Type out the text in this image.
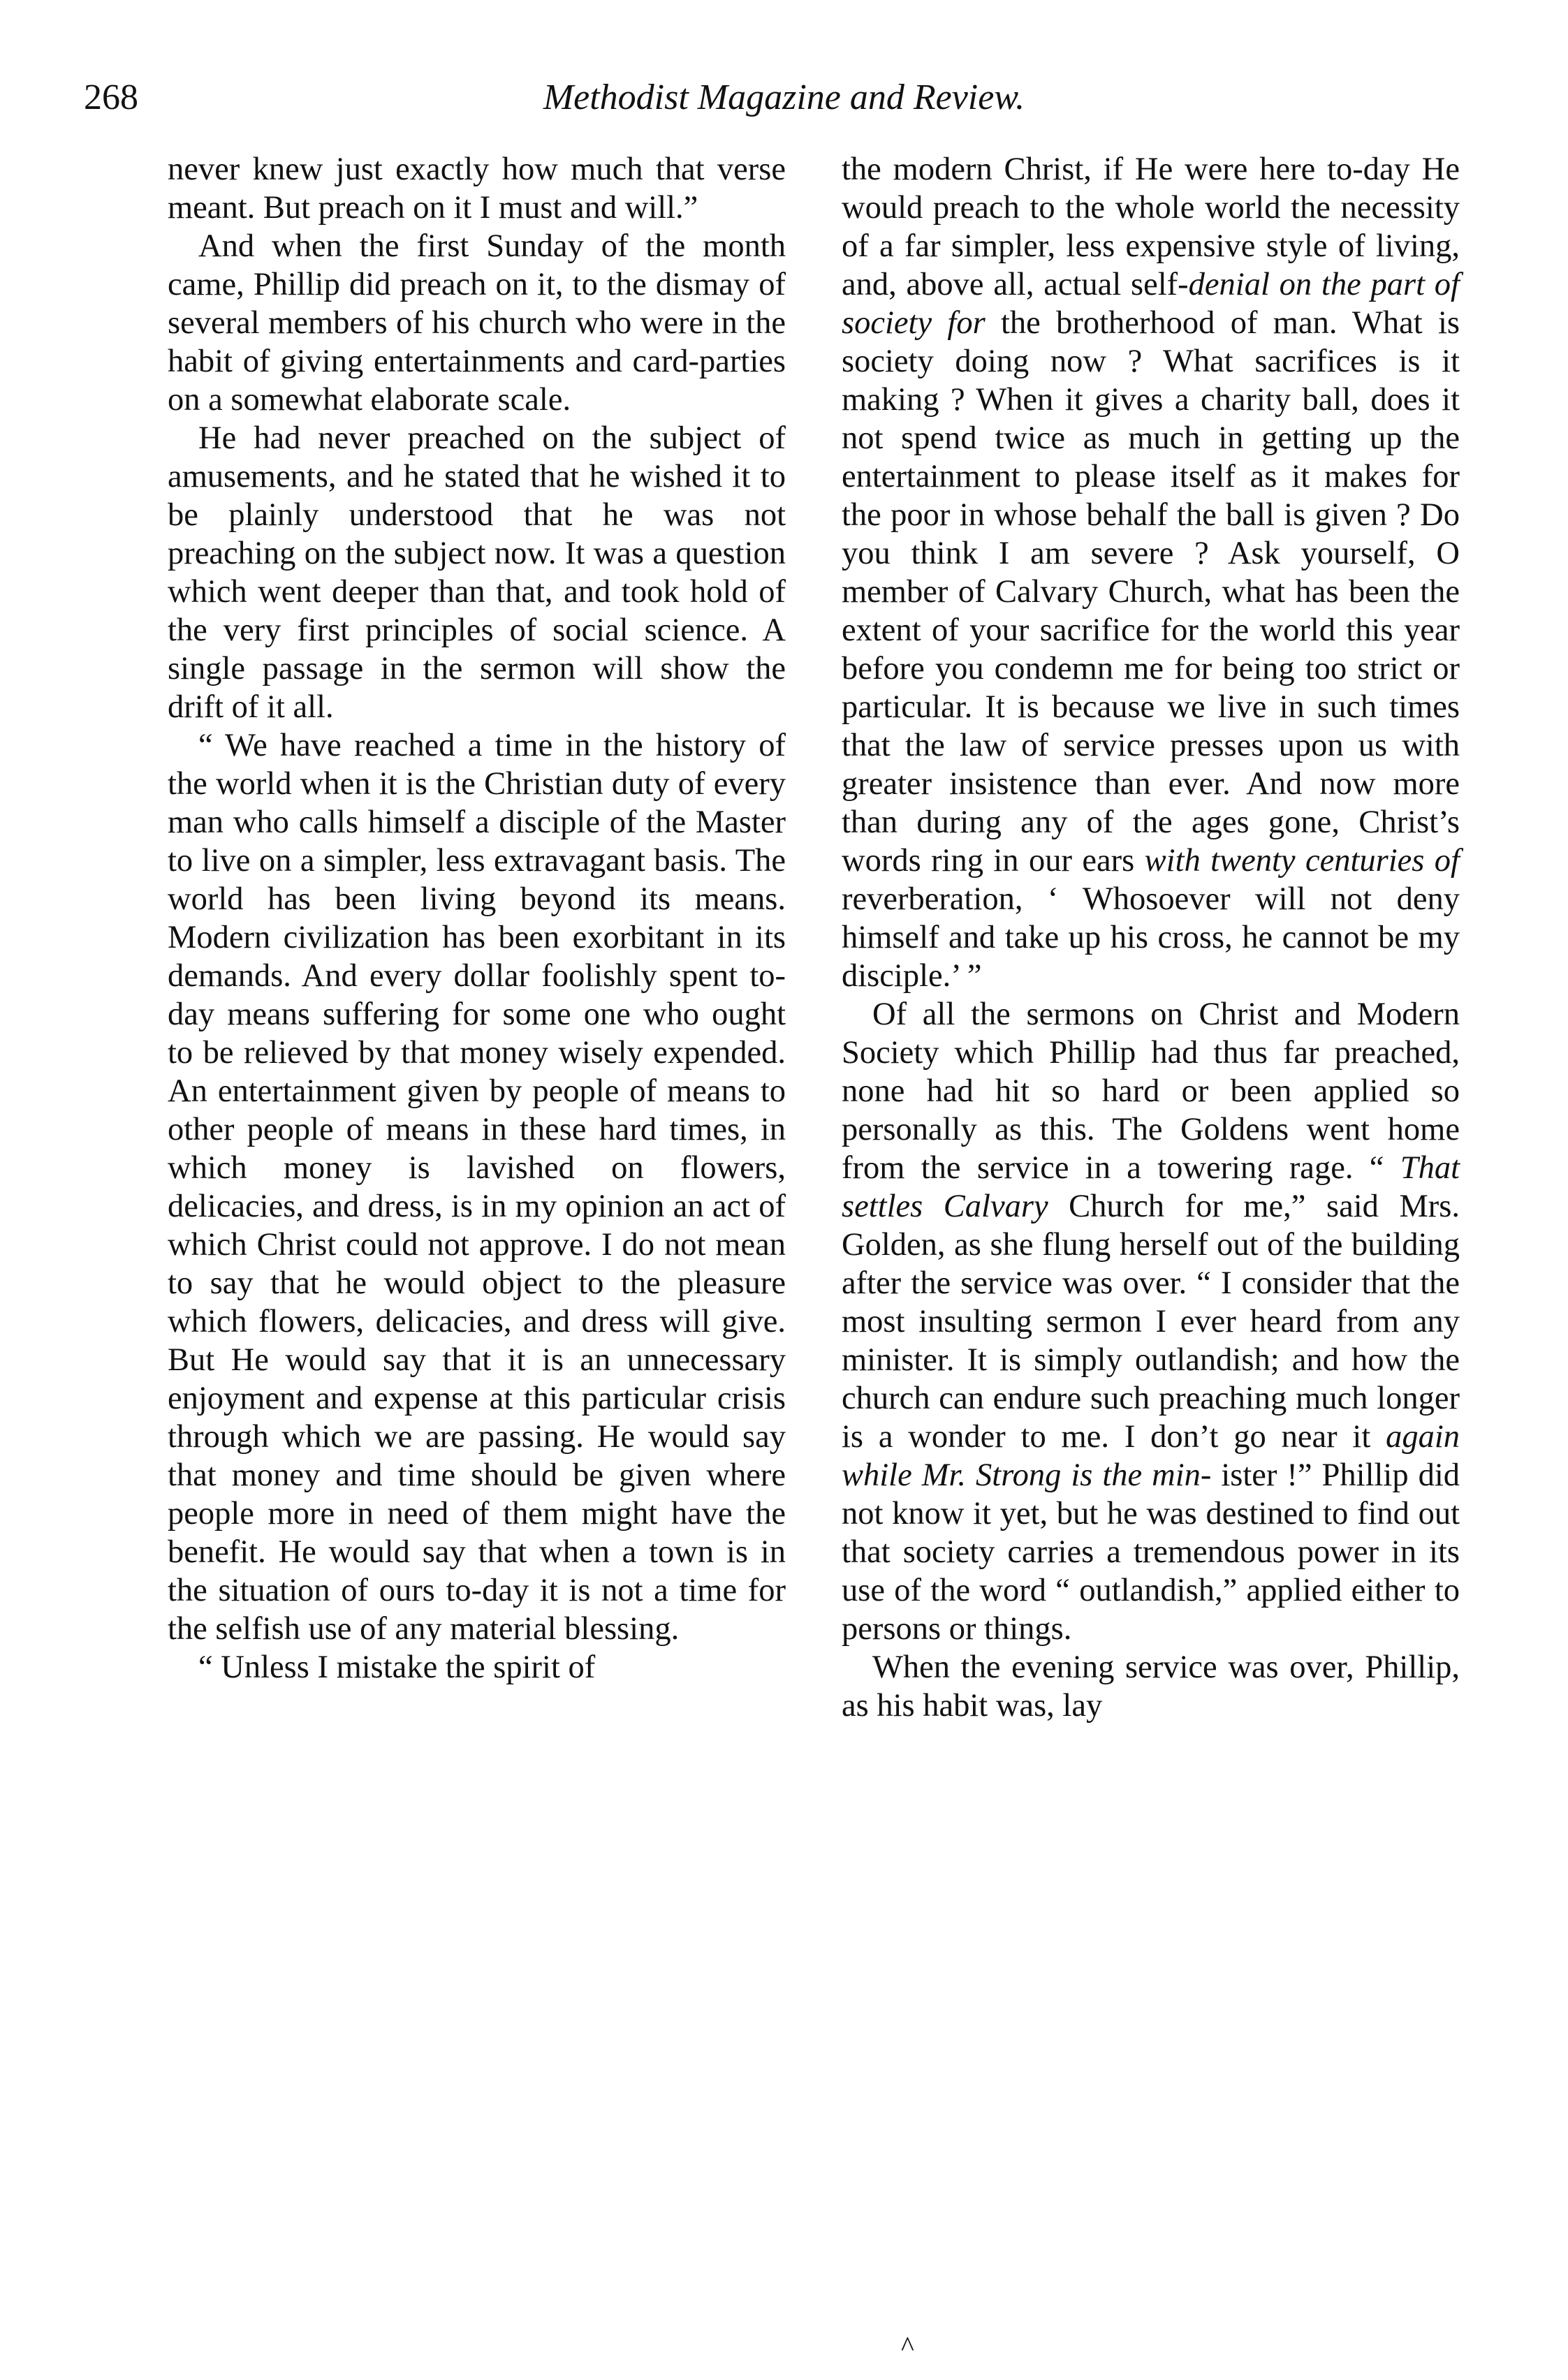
268	Methodist Magazine and Review.

never knew just exactly how much that verse meant. But preach on it I must and will.”

And when the first Sunday of the month came, Phillip did preach on it, to the dismay of several members of his church who were in the habit of giving entertainments and card-parties on a somewhat elaborate scale.

He had never preached on the subject of amusements, and he stated that he wished it to be plainly understood that he was not preaching on the subject now. It was a question which went deeper than that, and took hold of the very first principles of social science. A single passage in the sermon will show the drift of it all.

“ We have reached a time in the history of the world when it is the Christian duty of every man who calls himself a disciple of the Master to live on a simpler, less extravagant basis. The world has been living beyond its means. Modern civilization has been exorbitant in its demands. And every dollar foolishly spent to-day means suffering for some one who ought to be relieved by that money wisely expended. An entertainment given by people of means to other people of means in these hard times, in which money is lavished on flowers, delicacies, and dress, is in my opinion an act of which Christ could not approve. I do not mean to say that he would object to the pleasure which flowers, delicacies, and dress will give. But He would say that it is an unnecessary enjoyment and expense at this particular crisis through which we are passing. He would say that money and time should be given where people more in need of them might have the benefit. He would say that when a town is in the situation of ours to-day it is not a time for the selfish use of any material blessing.

“ Unless I mistake the spirit of

the modern Christ, if He were here to-day He would preach to the whole world the necessity of a far simpler, less expensive style of living, and, above all, actual self-denial on the part of society for the brotherhood of man. What is society doing now ? What sacrifices is it making ? When it gives a charity ball, does it not spend twice as much in getting up the entertainment to please itself as it makes for the poor in whose behalf the ball is given ? Do you think I am severe ? Ask yourself, O member of Calvary Church, what has been the extent of your sacrifice for the world this year before you condemn me for being too strict or particular. It is because we live in such times that the law of service presses upon us with greater insistence than ever. And now more than during any of the ages gone, Christ’s words ring in our ears with twenty centuries of reverberation, ‘ Whosoever will not deny himself and take up his cross, he cannot be my disciple.’ ”

Of all the sermons on Christ and Modern Society which Phillip had thus far preached, none had hit so hard or been applied so personally as this. The Goldens went home from the service in a towering rage. “ That settles Calvary Church for me,” said Mrs. Golden, as she flung herself out of the building after the service was over. “ I consider that the most insulting sermon I ever heard from any minister. It is simply outlandish; and how the church can endure such preaching much longer is a wonder to me. I don’t go near it again while Mr. Strong is the min- ister !” Phillip did not know it yet, but he was destined to find out that society carries a tremendous power in its use of the word “ outlandish,” applied either to persons or things.

When the evening service was over, Phillip, as his habit was, lay

^
